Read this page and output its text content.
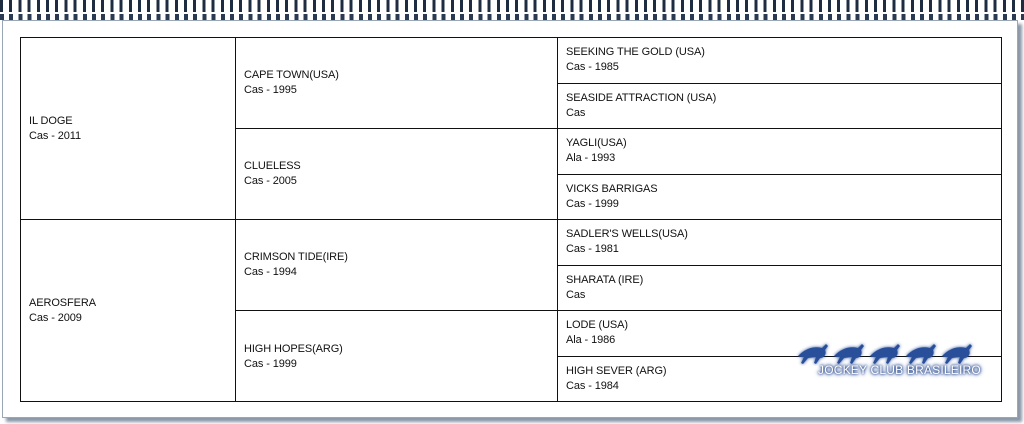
IL DOGE
Cas - 2011
AEROSFERA
Cas - 2009
CAPE TOWN(USA)
Cas - 1995
CLUELESS
Cas - 2005
CRIMSON TIDE(IRE)
Cas - 1994
HIGH HOPES(ARG)
Cas - 1999
SEEKING THE GOLD (USA)
Cas - 1985
SEASIDE ATTRACTION (USA)
Cas
YAGLI(USA)
Ala - 1993
VICKS BARRIGAS
Cas - 1999
SADLER'S WELLS(USA)
Cas - 1981
SHARATA (IRE)
Cas
LODE (USA)
Ala - 1986
HIGH SEVER (ARG)
Cas - 1984
JOCKEY CLUB BRASILEIRO
